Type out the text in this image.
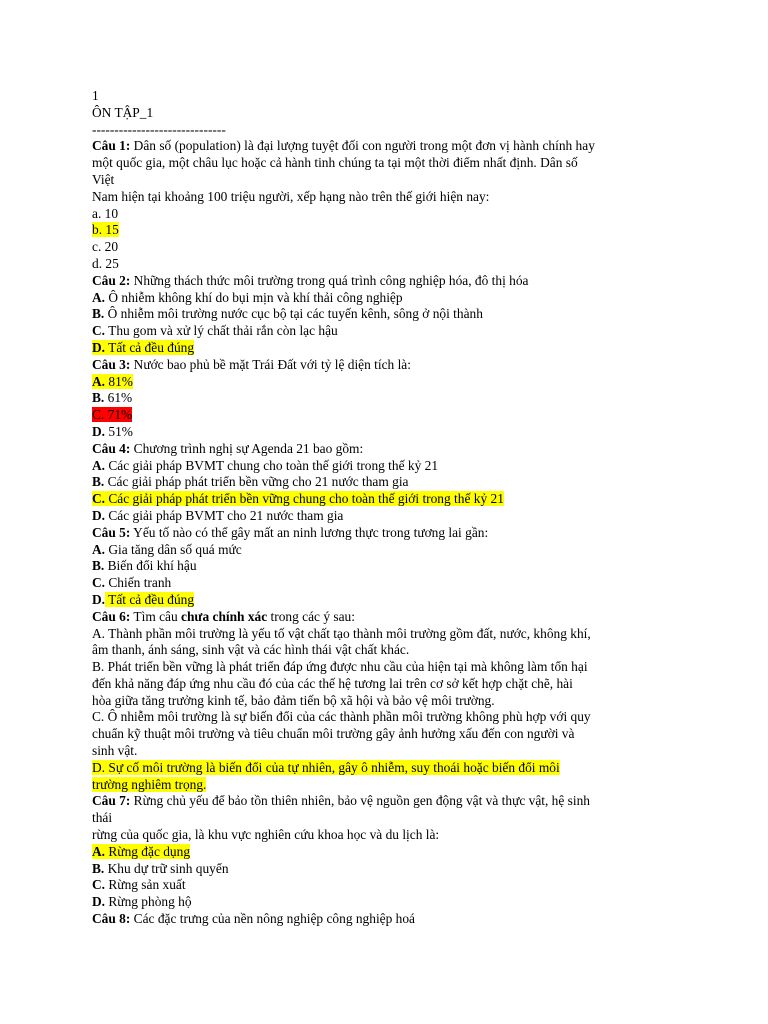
1
ÔN TẬP_1
------------------------------
Câu 1: Dân số (population) là đại lượng tuyệt đối con người trong một đơn vị hành chính hay
một quốc gia, một châu lục hoặc cả hành tinh chúng ta tại một thời điểm nhất định. Dân số
Việt
Nam hiện tại khoảng 100 triệu người, xếp hạng nào trên thế giới hiện nay:
a. 10
b. 15
c. 20
d. 25
Câu 2: Những thách thức môi trường trong quá trình công nghiệp hóa, đô thị hóa
A. Ô nhiễm không khí do bụi mịn và khí thải công nghiệp
B. Ô nhiễm môi trường nước cục bộ tại các tuyến kênh, sông ở nội thành
C. Thu gom và xử lý chất thải rắn còn lạc hậu
D. Tất cả đều đúng
Câu 3: Nước bao phủ bề mặt Trái Đất với tỷ lệ diện tích là:
A. 81%
B. 61%
C. 71%
D. 51%
Câu 4: Chương trình nghị sự Agenda 21 bao gồm:
A. Các giải pháp BVMT chung cho toàn thế giới trong thế kỷ 21
B. Các giải pháp phát triển bền vững cho 21 nước tham gia
C. Các giải pháp phát triển bền vững chung cho toàn thế giới trong thế kỷ 21
D. Các giải pháp BVMT cho 21 nước tham gia
Câu 5: Yếu tố nào có thể gây mất an ninh lương thực trong tương lai gần:
A. Gia tăng dân số quá mức
B. Biến đổi khí hậu
C. Chiến tranh
D. Tất cả đều đúng
Câu 6: Tìm câu chưa chính xác trong các ý sau:
A. Thành phần môi trường là yếu tố vật chất tạo thành môi trường gồm đất, nước, không khí,
âm thanh, ánh sáng, sinh vật và các hình thái vật chất khác.
B. Phát triển bền vững là phát triển đáp ứng được nhu cầu của hiện tại mà không làm tổn hại
đến khả năng đáp ứng nhu cầu đó của các thế hệ tương lai trên cơ sở kết hợp chặt chẽ, hài
hòa giữa tăng trưởng kinh tế, bảo đảm tiến bộ xã hội và bảo vệ môi trường.
C. Ô nhiễm môi trường là sự biến đổi của các thành phần môi trường không phù hợp với quy
chuẩn kỹ thuật môi trường và tiêu chuẩn môi trường gây ảnh hưởng xấu đến con người và
sinh vật.
D. Sự cố môi trường là biến đổi của tự nhiên, gây ô nhiễm, suy thoái hoặc biến đổi môi
trường nghiêm trọng.
Câu 7: Rừng chủ yếu để bảo tồn thiên nhiên, bảo vệ nguồn gen động vật và thực vật, hệ sinh
thái
rừng của quốc gia, là khu vực nghiên cứu khoa học và du lịch là:
A. Rừng đặc dụng
B. Khu dự trữ sinh quyển
C. Rừng sản xuất
D. Rừng phòng hộ
Câu 8: Các đặc trưng của nền nông nghiệp công nghiệp hoá
